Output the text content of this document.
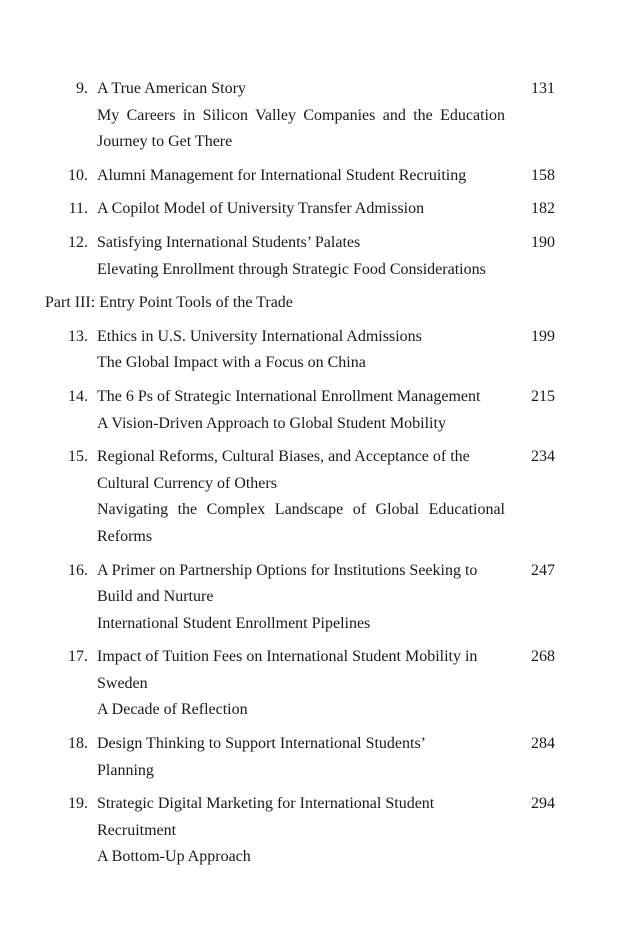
9. A True American Story
My Careers in Silicon Valley Companies and the Education
Journey to Get There
131
10. Alumni Management for International Student Recruiting	158
11. A Copilot Model of University Transfer Admission	182
12. Satisfying International Students’ Palates
Elevating Enrollment through Strategic Food Considerations
190
Part III: Entry Point Tools of the Trade
13. Ethics in U.S. University International Admissions
The Global Impact with a Focus on China
199
14. The 6 Ps of Strategic International Enrollment Management
A Vision-Driven Approach to Global Student Mobility
215
15. Regional Reforms, Cultural Biases, and Acceptance of the
Cultural Currency of Others
Navigating the Complex Landscape of Global Educational
Reforms
234
16. A Primer on Partnership Options for Institutions Seeking to
Build and Nurture
International Student Enrollment Pipelines
247
17. Impact of Tuition Fees on International Student Mobility in
Sweden
A Decade of Reflection
268
18. Design Thinking to Support International Students’
Planning
284
19. Strategic Digital Marketing for International Student
Recruitment
A Bottom-Up Approach
294
